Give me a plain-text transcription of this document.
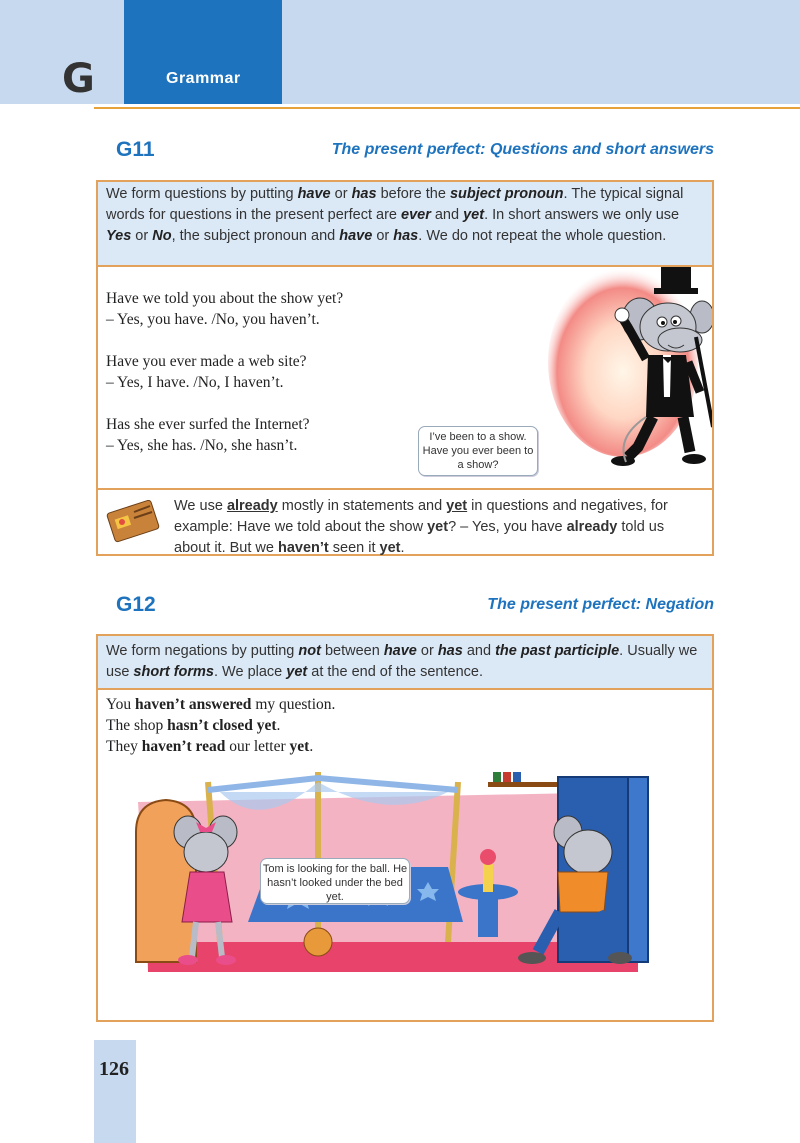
G	Grammar
G11	The present perfect: Questions and short answers
We form questions by putting have or has before the subject pronoun. The typical signal words for questions in the present perfect are ever and yet. In short answers we only use Yes or No, the subject pronoun and have or has. We do not repeat the whole question.

Have we told you about the show yet?

– Yes, you have. /No, you haven’t.

Have you ever made a web site?

– Yes, I have. /No, I haven’t.

Has she ever surfed the Internet?

– Yes, she has. /No, she hasn’t.	I’ve been to a show. Have you ever been to a show?
We use already mostly in statements and yet in questions and negatives, for example: Have we told about the show yet? – Yes, you have already told us about it. But we haven’t seen it yet.
G12	The present perfect: Negation
We form negations by putting not between have or has and the past participle. Usually we use short forms. We place yet at the end of the sentence.

You haven’t answered my question.

The shop hasn’t closed yet.

They haven’t read our letter yet.

Tom is looking for the ball. He hasn’t looked under the bed yet.
126
